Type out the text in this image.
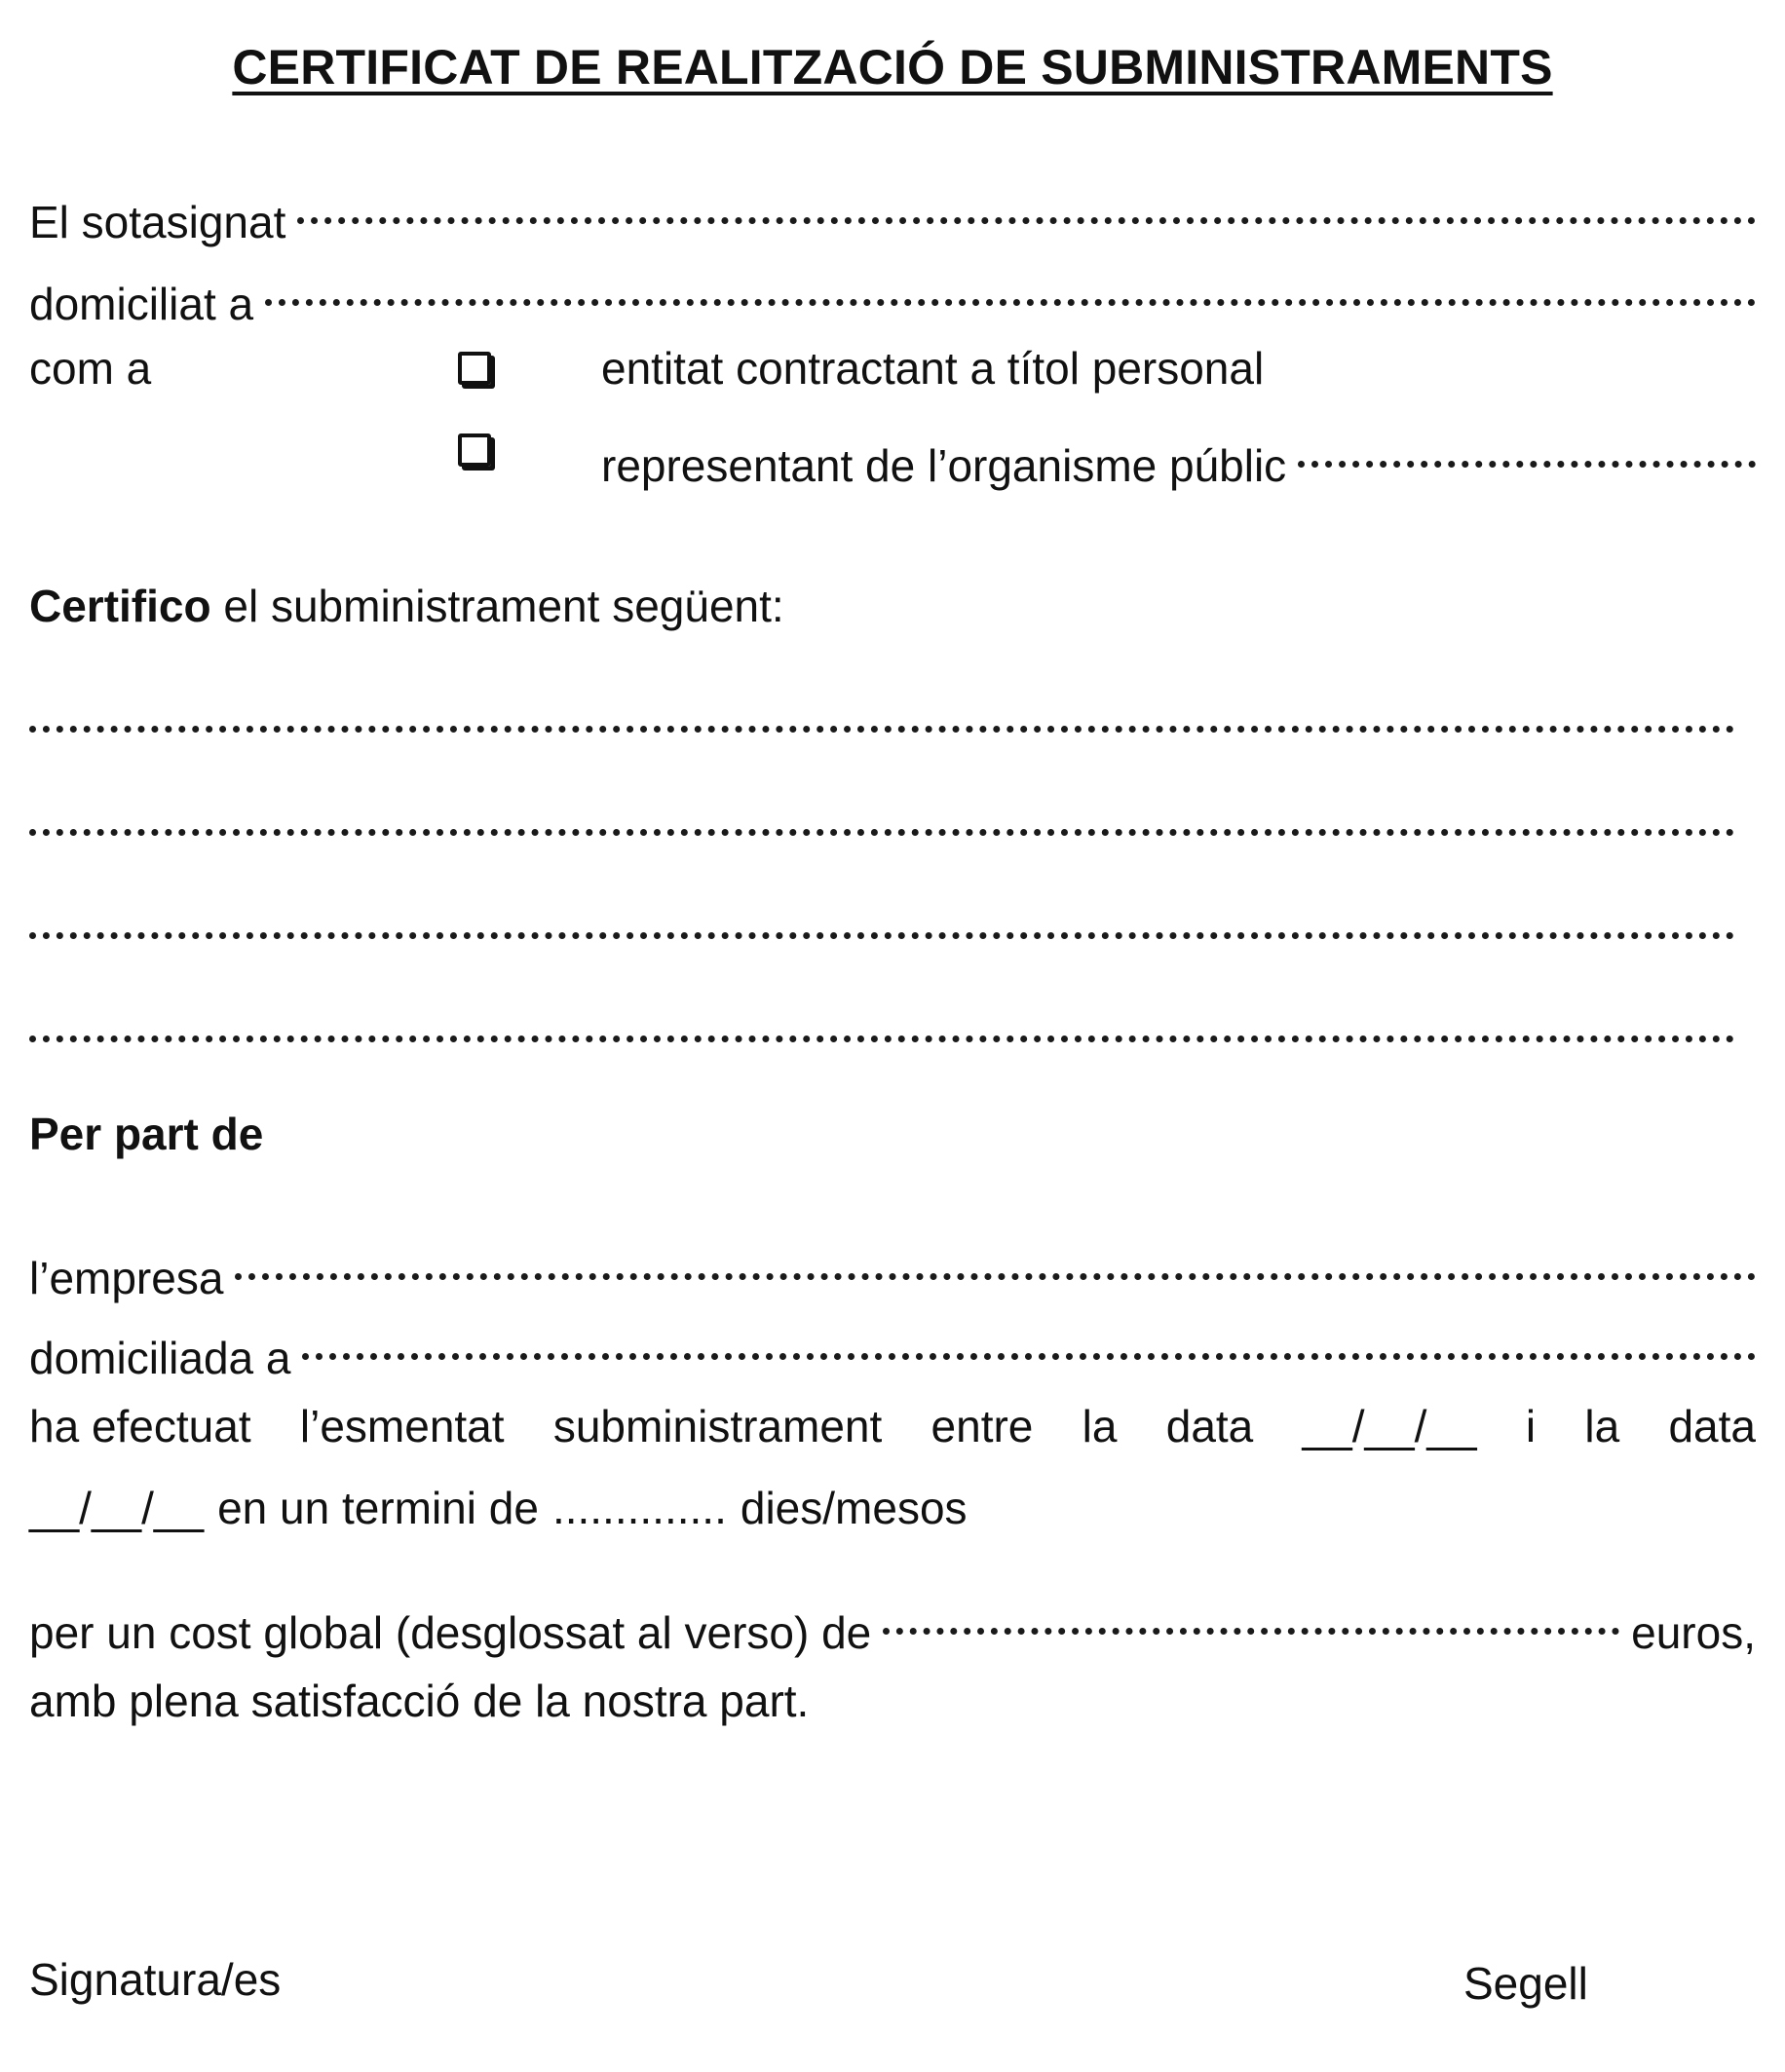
CERTIFICAT DE REALITZACIÓ DE SUBMINISTRAMENTS
El sotasignat
domiciliat a
com a	entitat contractant a títol personal
representant de l’organisme públic
Certifico el subministrament següent:
Per part de
l’empresa
domiciliada a
ha efectuat l’esmentat subministrament entre la data __/__/__ i la data
__/__/__ en un termini de .............. dies/mesos
per un cost global (desglossat al verso) de	euros,
amb plena satisfacció de la nostra part.
Signatura/es	Segell
